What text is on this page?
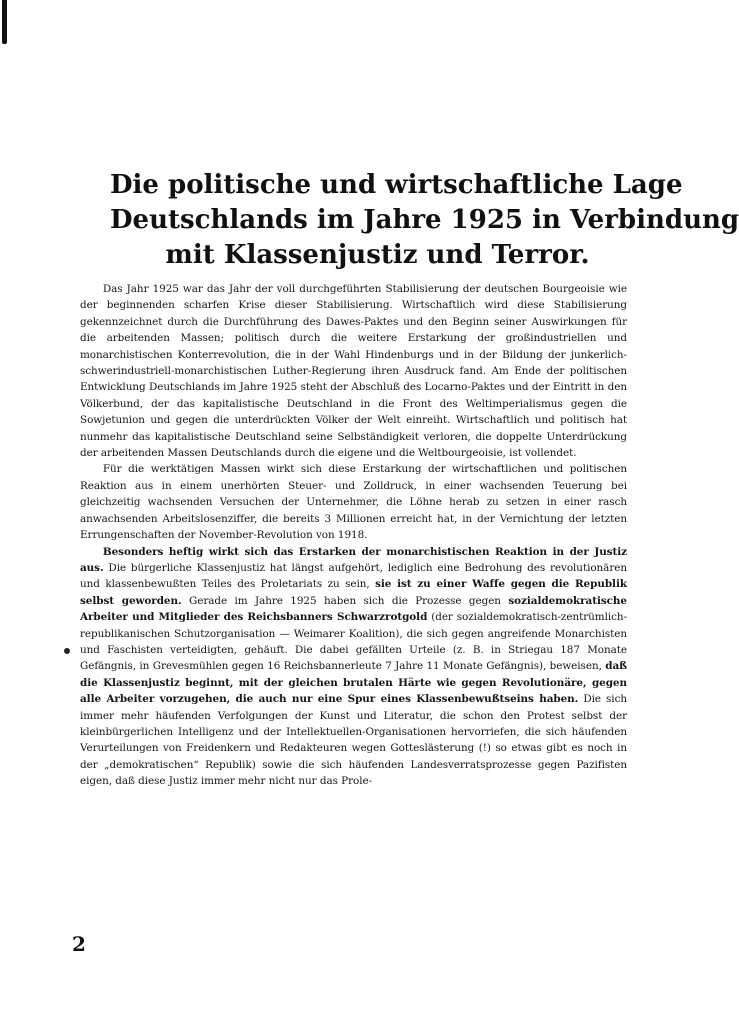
Die politische und wirtschaftliche Lage
Deutschlands im Jahre 1925 in Verbindung
mit Klassenjustiz und Terror.

Das Jahr 1925 war das Jahr der voll durchgeführten Stabilisierung der deutschen Bourgeoisie wie der beginnenden scharfen Krise dieser Stabilisierung. Wirtschaftlich wird diese Stabilisierung gekennzeichnet durch die Durchführung des Dawes-Paktes und den Beginn seiner Auswirkungen für die arbeitenden Massen; politisch durch die weitere Erstarkung der großindustriellen und monarchistischen Konterrevolution, die in der Wahl Hindenburgs und in der Bildung der junkerlich-schwerindustriell-monarchistischen Luther-Regierung ihren Ausdruck fand. Am Ende der politischen Entwicklung Deutschlands im Jahre 1925 steht der Abschluß des Locarno-Paktes und der Eintritt in den Völkerbund, der das kapitalistische Deutschland in die Front des Weltimperialismus gegen die Sowjetunion und gegen die unterdrückten Völker der Welt einreiht. Wirtschaftlich und politisch hat nunmehr das kapitalistische Deutschland seine Selbständigkeit verloren, die doppelte Unterdrückung der arbeitenden Massen Deutschlands durch die eigene und die Weltbourgeoisie, ist vollendet.

Für die werktätigen Massen wirkt sich diese Erstarkung der wirtschaftlichen und politischen Reaktion aus in einem unerhörten Steuer- und Zolldruck, in einer wachsenden Teuerung bei gleichzeitig wachsenden Versuchen der Unternehmer, die Löhne herab zu setzen in einer rasch anwachsenden Arbeitslosenziffer, die bereits 3 Millionen erreicht hat, in der Vernichtung der letzten Errungenschaften der November-Revolution von 1918.

Besonders heftig wirkt sich das Erstarken der monarchistischen Reaktion in der Justiz aus. Die bürgerliche Klassenjustiz hat längst aufgehört, lediglich eine Bedrohung des revolutionären und klassenbewußten Teiles des Proletariats zu sein, sie ist zu einer Waffe gegen die Republik selbst geworden. Gerade im Jahre 1925 haben sich die Prozesse gegen sozialdemokratische Arbeiter und Mitglieder des Reichsbanners Schwarzrotgold (der sozialdemokratisch-zentrümlich-republikanischen Schutzorganisation — Weimarer Koalition), die sich gegen angreifende Monarchisten und Faschisten verteidigten, gehäuft. Die dabei gefällten Urteile (z. B. in Striegau 187 Monate Gefängnis, in Grevesmühlen gegen 16 Reichsbannerleute 7 Jahre 11 Monate Gefängnis), beweisen, daß die Klassenjustiz beginnt, mit der gleichen brutalen Härte wie gegen Revolutionäre, gegen alle Arbeiter vorzugehen, die auch nur eine Spur eines Klassenbewußtseins haben. Die sich immer mehr häufenden Verfolgungen der Kunst und Literatur, die schon den Protest selbst der kleinbürgerlichen Intelligenz und der Intellektuellen-Organisationen hervorriefen, die sich häufenden Verurteilungen von Freidenkern und Redakteuren wegen Gotteslästerung (!) so etwas gibt es noch in der „demokratischen“ Republik) sowie die sich häufenden Landesverratsprozesse gegen Pazifisten eigen, daß diese Justiz immer mehr nicht nur das Prole-

2
